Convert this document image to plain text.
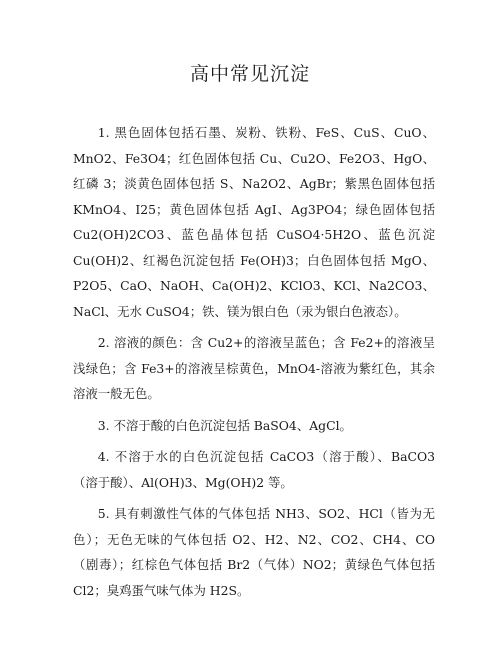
高中常见沉淀

1. 黑色固体包括石墨、炭粉、铁粉、FeS、CuS、CuO、MnO2、Fe3O4；红色固体包括 Cu、Cu2O、Fe2O3、HgO、红磷 3；淡黄色固体包括 S、Na2O2、AgBr；紫黑色固体包括 KMnO4、I25；黄色固体包括 AgI、Ag3PO4；绿色固体包括 Cu2(OH)2CO3、蓝色晶体包括 CuSO4·5H2O、蓝色沉淀 Cu(OH)2、红褐色沉淀包括 Fe(OH)3；白色固体包括 MgO、P2O5、CaO、NaOH、Ca(OH)2、KClO3、KCl、Na2CO3、NaCl、无水 CuSO4；铁、镁为银白色（汞为银白色液态）。

2. 溶液的颜色：含 Cu2+的溶液呈蓝色；含 Fe2+的溶液呈浅绿色；含 Fe3+的溶液呈棕黄色，MnO4-溶液为紫红色，其余溶液一般无色。

3. 不溶于酸的白色沉淀包括 BaSO4、AgCl。

4. 不溶于水的白色沉淀包括 CaCO3（溶于酸）、BaCO3（溶于酸）、Al(OH)3、Mg(OH)2 等。

5. 具有刺激性气体的气体包括 NH3、SO2、HCl（皆为无色）；无色无味的气体包括 O2、H2、N2、CO2、CH4、CO（剧毒）；红棕色气体包括 Br2（气体）NO2；黄绿色气体包括 Cl2；臭鸡蛋气味气体为 H2S。
